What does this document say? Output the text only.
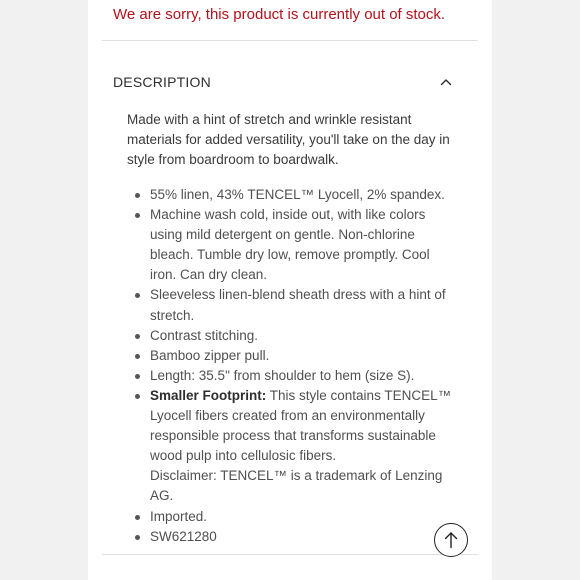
We are sorry, this product is currently out of stock.
DESCRIPTION

Made with a hint of stretch and wrinkle resistant materials for added versatility, you'll take on the day in style from boardroom to boardwalk.

55% linen, 43% TENCEL™ Lyocell, 2% spandex.
Machine wash cold, inside out, with like colors using mild detergent on gentle. Non-chlorine bleach. Tumble dry low, remove promptly. Cool iron. Can dry clean.
Sleeveless linen-blend sheath dress with a hint of stretch.
Contrast stitching.
Bamboo zipper pull.
Length: 35.5" from shoulder to hem (size S).
Smaller Footprint: This style contains TENCEL™ Lyocell fibers created from an environmentally responsible process that transforms sustainable wood pulp into cellulosic fibers.
Disclaimer: TENCEL™ is a trademark of Lenzing AG.
Imported.
SW621280
